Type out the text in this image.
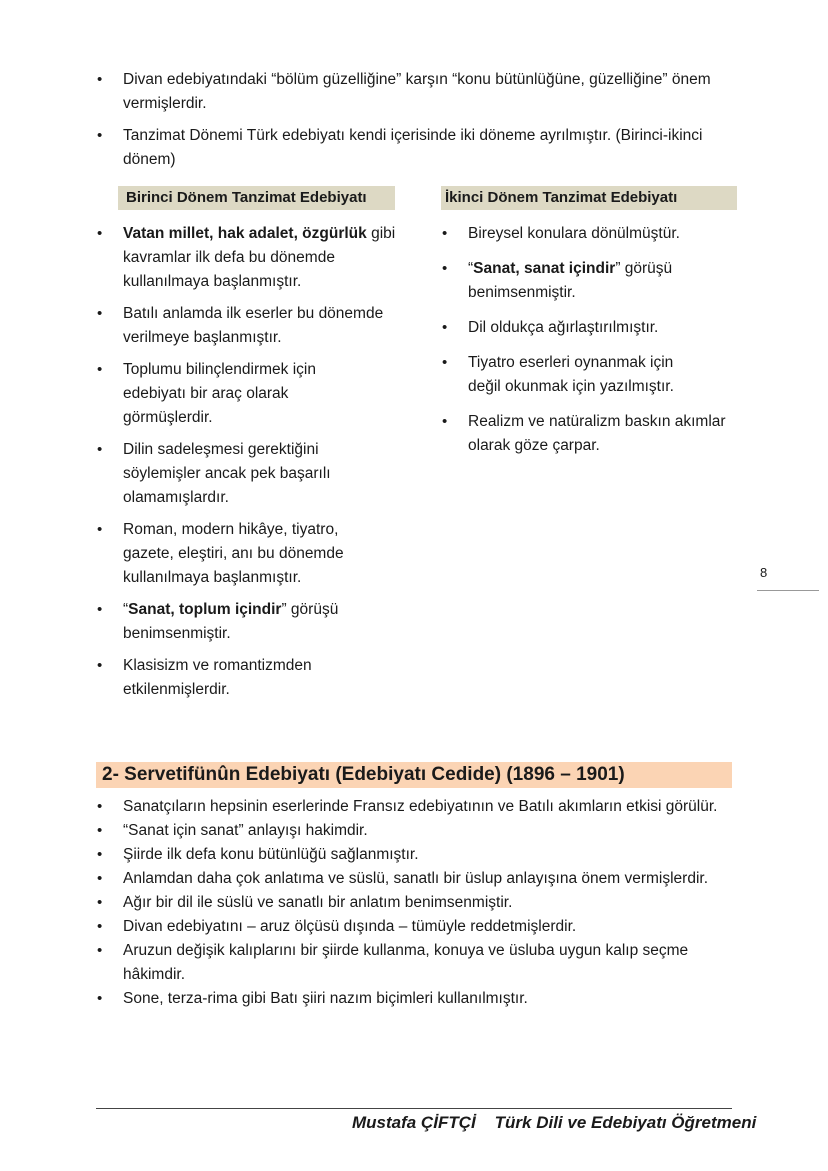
• Divan edebiyatındaki “bölüm güzelliğine” karşın “konu bütünlüğüne, güzelliğine” önem vermişlerdir.
• Tanzimat Dönemi Türk edebiyatı kendi içerisinde iki döneme ayrılmıştır. (Birinci-ikinci dönem)
Birinci Dönem Tanzimat Edebiyatı	İkinci Dönem Tanzimat Edebiyatı
• Vatan millet, hak adalet, özgürlük gibi kavramlar ilk defa bu dönemde kullanılmaya başlanmıştır.
• Batılı anlamda ilk eserler bu dönemde verilmeye başlanmıştır.
• Toplumu bilinçlendirmek için edebiyatı bir araç olarak görmüşlerdir.
• Dilin sadeleşmesi gerektiğini söylemişler ancak pek başarılı olamamışlardır.
• Roman, modern hikâye, tiyatro, gazete, eleştiri, anı bu dönemde kullanılmaya başlanmıştır.
• “Sanat, toplum içindir” görüşü benimsenmiştir.
• Klasisizm ve romantizmden etkilenmişlerdir.
• Bireysel konulara dönülmüştür.
• “Sanat, sanat içindir” görüşü benimsenmiştir.
• Dil oldukça ağırlaştırılmıştır.
• Tiyatro eserleri oynanmak için değil okunmak için yazılmıştır.
• Realizm ve natüralizm baskın akımlar olarak göze çarpar.
8
2- Servetifünûn Edebiyatı (Edebiyatı Cedide) (1896 – 1901)
• Sanatçıların hepsinin eserlerinde Fransız edebiyatının ve Batılı akımların etkisi görülür.
• “Sanat için sanat” anlayışı hakimdir.
• Şiirde ilk defa konu bütünlüğü sağlanmıştır.
• Anlamdan daha çok anlatıma ve süslü, sanatlı bir üslup anlayışına önem vermişlerdir.
• Ağır bir dil ile süslü ve sanatlı bir anlatım benimsenmiştir.
• Divan edebiyatını – aruz ölçüsü dışında – tümüyle reddetmişlerdir.
• Aruzun değişik kalıplarını bir şiirde kullanma, konuya ve üsluba uygun kalıp seçme hâkimdir.
• Sone, terza-rima gibi Batı şiiri nazım biçimleri kullanılmıştır.
Mustafa ÇİFTÇİ Türk Dili ve Edebiyatı Öğretmeni
